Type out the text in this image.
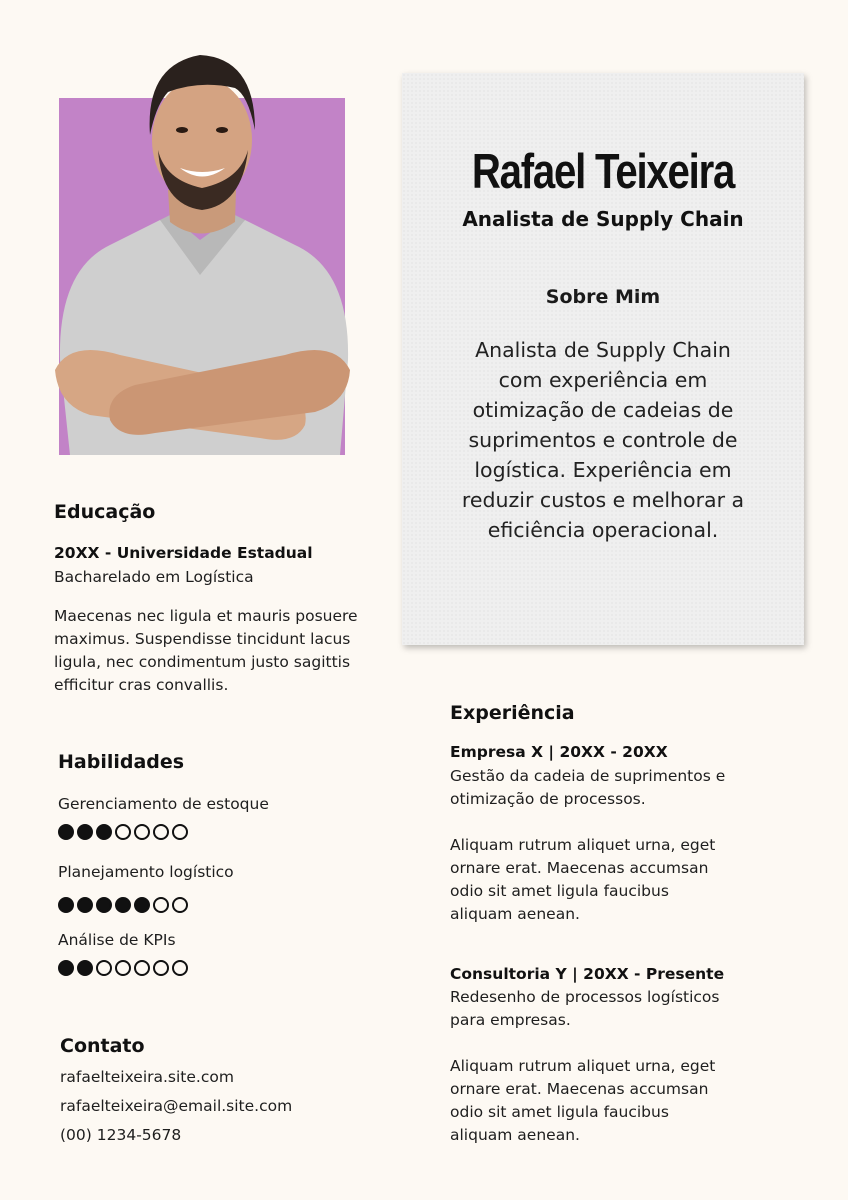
Rafael Teixeira
Analista de Supply Chain
Sobre Mim
Analista de Supply Chain com experiência em otimização de cadeias de suprimentos e controle de logística. Experiência em reduzir custos e melhorar a eficiência operacional.
Educação
20XX - Universidade Estadual
Bacharelado em Logística
Maecenas nec ligula et mauris posuere maximus. Suspendisse tincidunt lacus ligula, nec condimentum justo sagittis efficitur cras convallis.
Habilidades
Gerenciamento de estoque
Planejamento logístico
Análise de KPIs
Contato
rafaelteixeira.site.com
rafaelteixeira@email.site.com
(00) 1234-5678
Experiência
Empresa X | 20XX - 20XX
Gestão da cadeia de suprimentos e otimização de processos.
Aliquam rutrum aliquet urna, eget ornare erat. Maecenas accumsan odio sit amet ligula faucibus aliquam aenean.
Consultoria Y | 20XX - Presente
Redesenho de processos logísticos para empresas.
Aliquam rutrum aliquet urna, eget ornare erat. Maecenas accumsan odio sit amet ligula faucibus aliquam aenean.
